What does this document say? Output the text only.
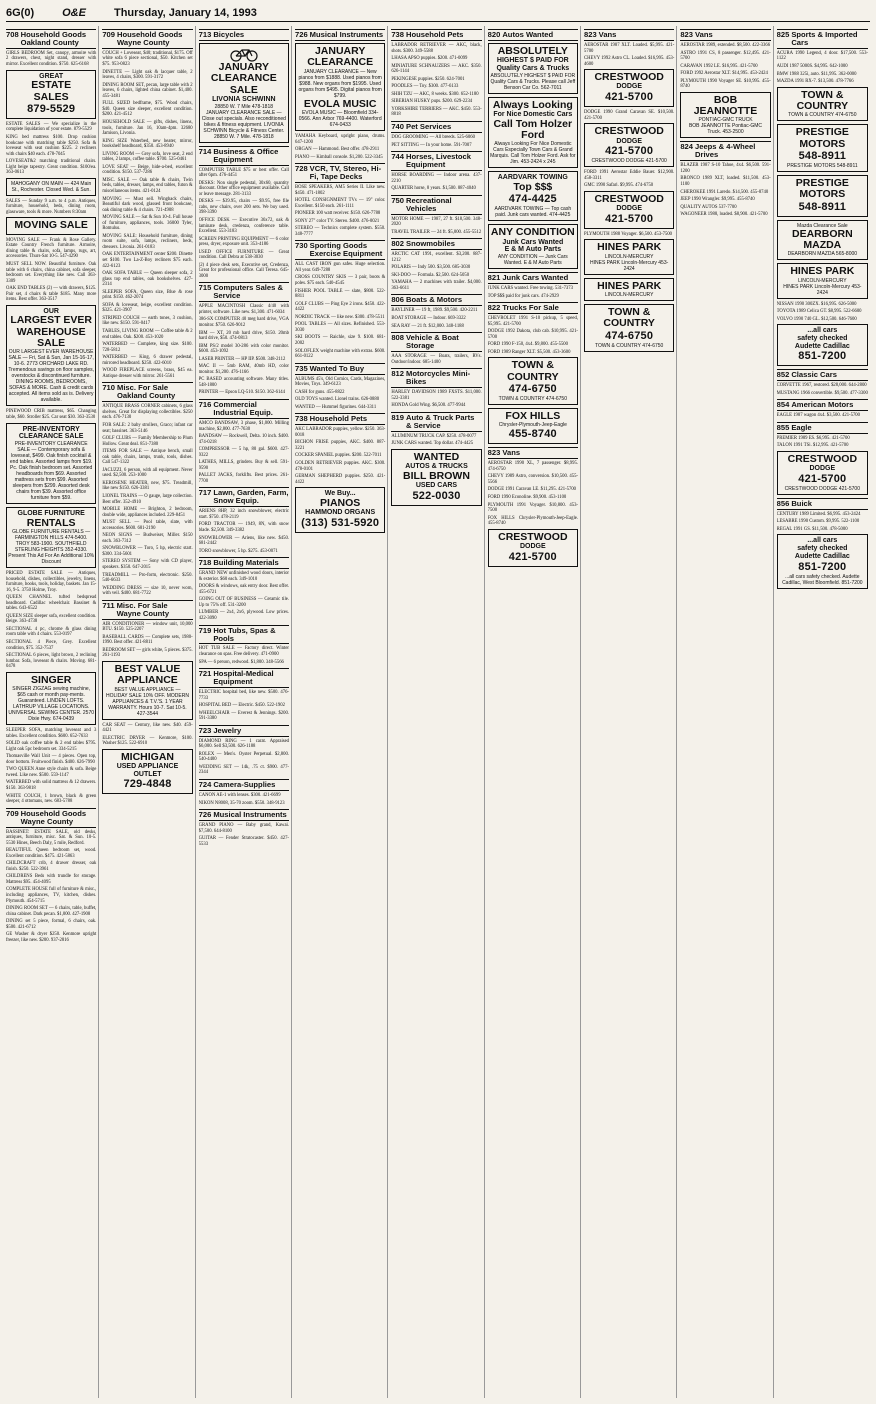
6G(0)	O&E	Thursday, January 14, 1993
708 Household Goods Oakland County
GIRLS BEDROOM Set, canopy, armoire with 2 drawers, chest, night stand, dresser with mirror. Excellent condition. $750. 625-6168
GREAT
ESTATE
SALES
879-5529
ESTATE SALES — We specialize in the complete liquidation of your estate. 879-5529
KING bed mattress $100. Drop cushion bookcase with matching table $250. Sofa & loveseat with seat cushion $225. 2 recliners with chairs $40 each. 478-7045
LOVESEAT&2 matching traditional chairs. Light beige tapestry. Great condition. $100/ea. 363-0613
MAHOGANY ON MAIN — 424 Main St., Rochester. Closed Wed. & Sun.
SALES — Sunday 9 a.m. to 4 p.m. Antiques, furniture, household, beds, dining room, glassware, tools & more. Numbers 8:30am
MOVING SALE
MOVING SALE — Frank & Rose Gallery. Estate Country French furniture. Armoire, dining table & chairs, sofa, lamps, rugs, art, accessories. Thurs-Sat 10-5. 547-4290
MUST SELL NOW. Beautiful furniture. Oak table with 6 chairs, china cabinet, sofa sleeper, bedroom set. Everything like new. Call 363-3309
OAK END TABLES (2) — with drawers, $125. Pair set, 4 chairs & table $185. Many more items. Best offer. 363-3517
OUR
LARGEST EVER
WAREHOUSE
SALE
OUR LARGEST EVER WAREHOUSE SALE — Fri, Sat & Sun, Jan 15-16-17, 10-6. 2773 ORCHARD LAKE RD. Tremendous savings on floor samples, overstocks & discontinued furniture. DINING ROOMS, BEDROOMS, SOFAS & MORE. Cash & credit cards accepted. All items sold as is. Delivery available.
PINEWOOD CRIB mattress, $65. Changing table, $60. Stroller $25. Car seat $30. 363-3530
PRE-INVENTORY CLEARANCE SALE
PRE-INVENTORY CLEARANCE SALE — Contemporary sofa & loveseat, $499. Oak finish cocktail & end tables. Assorted lamps from $19. Pc. Oak finish bedroom set. Assorted headboards from $69. Assorted mattress sets from $99. Assorted sleepers from $299. Assorted desk chairs from $39. Assorted office furniture from $59.
GLOBE FURNITURE
RENTALS
GLOBE FURNITURE RENTALS — FARMINGTON HILLS 474-5400. TROY 583-1900. SOUTHFIELD STERLING HEIGHTS 352-4330. Present This Ad For An Additional 10% Discount
PRICED ESTATE SALE — Antiques, household, dishes, collectibles, jewelry, linens, furniture, books, tools, holiday, baskets. Jan 15-16, 9-5. 3750 Holme, Troy.
QUEEN CHANNEL tufted bedspread headboard. Cadillac wheelchair. Bassinet & tables. 643-6522
QUEEN SIZE sleeper sofa, excellent condition. Beige. 363-4738
SECTIONAL 4 pc, chrome & glass dining room table with 4 chairs. 553-0197
SECTIONAL 4 Piece, Grey. Excellent condition, $75. 352-7537
SECTIONAL 6 pieces, light brown, 2 reclining lumbar. Sofa, loveseat & chairs. Moving. 681-0478
SINGER
SINGER ZIGZAG sewing machine, $65 cash or month pay-ments. Guaranteed. LINDEN LOFTS. LATHRUP VILLAGE LOCATIONS. UNIVERSAL SEWING CENTER. 2570 Dixie Hwy. 674-0439
SLEEPER SOFA, matching loveseat and 3 tables. Excellent condition. $600. 652-7633
SOLID oak coffee table & 2 end tables $795. Light oak 5pc bedroom set. 334-5215
Thomasville Wall Unit — 4 pieces. Open top, door bottom. Fruitwood finish. $400. 626-7990
TWO QUEEN Anne style chairs & sofa. Beige tweed. Like new. $500. 559-1147
WATERBED with solid mattress & 12 drawers. $150. 363-9818
WHITE COUCH, 1 brown, black & green sleeper, 4 ottomans, new. 683-5788
709 Household Goods Wayne County
BASSINET: ESTATE SALE, old desks, antiques, furniture, misc. Sat. & Sun. 10-5. 5530 Hines, Beech Daly, 5 mile, Redford.
BEAUTIFUL Queen bedroom set, wood. Excellent condition. $475. 421-5863
CHILDCRAFT crib, 4 drawer dresser, oak finish. $250. 522-3961
CHILDRENS Beds with trundle for storage. Mattress $95. 454-4095
COMPLETE HOUSE full of furniture & misc., including appliances, TV, kitchen, dishes. Plymouth. 454-5715
DINING ROOM SET — 6 chairs, table, buffet, china cabinet. Dark pecan. $1,000. 427-1908
DINING set 5 piece, formal, 6 chairs, oak. $500. 421-6712
GE Washer & dryer $250. Kenmore upright freezer, like new. $200. 937-2816
709 Household Goods Wayne County
COUCH + Loveseat, $40; traditional, $175. Off white sofa 6 piece sectional, $50. Kitchen set $75. 953-0823
DINETTE — Light oak & lacquer table, 2 leaves, 4 chairs, $300. 591-3172
DINING ROOM SET, pecan, large table with 2 leaves, 6 chairs, lighted china cabinet. $1,400. 455-3481
FULL SIZED bedframe, $75. Wood chairs, $40. Queen size sleeper, excellent condition. $200. 421-4512
HOUSEHOLD SALE — gifts, dishes, linens, tools, furniture. Jan 16, 10am-4pm. 32680 Jamison, Livonia.
KING SIZE Waterbed, new heater, mirror, bookshelf headboard, $350. 453-8940
LIVING ROOM — Grey sofa, love seat, 2 end tables, 2 lamps, coffee table. $700. 525-0461
LOVE SEAT — Beige, hide-a-bed, excellent condition. $150. 537-7286
MISC. SALE — Oak table & chairs, Twin beds, tables, dresser, lamps, end tables, futon & miscellaneous items. 421-0124
MOVING — Must sell. Wingback chairs, Beautiful dark wood, glassed front bookcase, oak dining table & 4 chairs. 721-4908
MOVING SALE — Sat & Sun 10-4. Full house of furniture, appliances, tools. 36000 Tyler, Romulus.
MOVING SALE: Household furniture, dining room suite, sofa, lamps, recliners, beds, dressers. Livonia. 261-0183
OAK ENTERTAINMENT center $200. Dinette set $100. Two La-Z-Boy recliners $75 each. 422-6123
OAK SOFA TABLE — Queen sleeper sofa, 2 glass top end tables, oak bookshelves. 427-2314
SLEEPER SOFA, Queen size, Blue & rose print. $150. 462-2074
SOFA & loveseat, beige, excellent condition. $325. 421-3907
STRIPED COUCH — earth tones, 3 cushion, like new. $150. 591-0417
TABLES, LIVING ROOM — Coffee table & 2 end tables. Oak. $200. 453-1020
WATERBED — Complete, king size. $100. 728-5812
WATERBED — King, 6 drawer pedestal, mirrored headboard. $250. 422-6010
WOOD FIREPLACE screens, brass, $45 ea. Antique dresser with mirror. 261-5561
710 Misc. For Sale Oakland County
ANTIQUE BRASS CORNER cabinets, 6 glass shelves. Great for displaying collectibles. $250 each. 476-7130
FOR SALE: 2 baby strollers, Graco; infant car seat; bassinet. 363-5146
GOLF CLUBS — Family Membership to Plum Hollow. Great deal. 851-7380
ITEMS FOR SALE — Antique bench, small oak table, chairs, lamps, trunk, tools, dishes. Call 547-1322
JACUZZI, 6 person, with all equipment. Never used. $2,500. 253-1000
KEROSENE HEATER, new, $75. Treadmill, like new $150. 626-3381
LIONEL TRAINS — O gauge, large collection. Best offer. 352-4910
MOBILE HOME — Brighton, 2 bedroom, double wide, appliances included. 229-8451
MUST SELL — Pool table, slate, with accessories. $600. 681-2190
NEON SIGNS — Budweiser, Miller. $150 each. 363-7312
SNOWBLOWER — Toro, 5 hp, electric start. $300. 334-5601
STEREO SYSTEM — Sony with CD player, speakers. $350. 647-2015
TREADMILL — Pro-form, electronic. $250. 540-6633
WEDDING DRESS — size 10, never worn, with veil. $400. 681-7722
711 Misc. For Sale Wayne County
AIR CONDITIONER — window unit, 10,000 BTU. $150. 525-2207
BASEBALL CARDS — Complete sets, 1980-1990. Best offer. 421-8811
BEDROOM SET — girls white, 5 pieces. $375. 261-1193
BEST VALUE
APPLIANCE
BEST VALUE APPLIANCE — HOLIDAY SALE 10% OFF. MODERN APPLIANCES & T.V.'S. 1 YEAR WARRANTY. Hours 10-7. Sat 10-5. 427-3544
CAR SEAT — Century, like new. $40. 459-4421
ELECTRIC DRYER — Kenmore, $100. Washer $125. 522-6910
MICHIGAN
USED APPLIANCE
OUTLET
729-4848
713 Bicycles
JANUARY
CLEARANCE
SALE
LIVONIA SCHWINN
28850 W. 7 Mile 478-1818
JANUARY CLEARANCE SALE — Close out specials. Also reconditioned bikes & fitness equipment. LIVONIA SCHWINN Bicycle & Fitness Center. 28850 W. 7 Mile. 478-1818
714 Business & Office Equipment
COMPUTER TABLE $75 or best offer. Call after 6pm. 476-4451
DESKS: Non single pedestal, 30x60, quantity discount. Other office equipment available. Call or leave message. 281-3133
DESKS — $39.95, chairs — $9.95, free file cabs, new chairs, over 200 sets. We buy used. 398-3390
OFFICE DESK — Executive 36x72, oak & laminate desk, credenza, conference table. Excellent. 553-3183
SCREEN PRINTING EQUIPMENT — 6 color press, dryer, exposure unit. 353-4186
USED OFFICE FURNITURE — Great condition. Call Debra at 538-3030
(2) 4 piece desk sets, Executive set, Credenza, Great for professional office. Call Teresa. 645-3000
715 Computers Sales & Service
APPLE MACINTOSH Classic 4/40 with printer, software. Like new. $1,300. 471-6034
386-SX COMPUTER 40 meg hard drive, VGA monitor. $750. 626-9012
IBM — XT, 20 mb hard drive, $150. 20mb hard drive, $50. 474-0813
IBM PS/2 model 30-286 with color monitor. $600. 453-1092
LASER PRINTER — HP IIP. $500. 348-2112
MAC II — 5mb RAM, 40mb HD, color monitor. $1,200. 476-1166
PC BASED accounting software. Many titles. 548-1800
PRINTER — Epson LQ-510. $150. 362-6144
716 Commercial Industrial Equip.
AMCO BANDSAW, 3 phase, $1,000. Milling machine, $2,800. 477-7630
BANDSAW — Rockwell, Delta. 10 inch. $400. 474-0218
COMPRESSOR — 5 hp, 80 gal. $600. 427-9322
LATHES, MILLS, grinders. Buy & sell. 591-9590
PALLET JACKS, forklifts. Best prices. 261-7700
717 Lawn, Garden, Farm, Snow Equip.
ARIENS 8HP, 32 inch snowblower, electric start. $750. 478-2119
FORD TRACTOR — 1949, 8N, with snow blade. $2,500. 349-3382
SNOWBLOWER — Ariens, like new. $450. 681-2442
TORO snowblower, 5 hp. $275. 453-0071
718 Building Materials
GRAND NEW unfinished wood doors, interior & exterior. $60 each. 349-1010
DOORS & windows, oak entry door. Best offer. 455-6721
GOING OUT OF BUSINESS — Ceramic tile. Up to 75% off. 531-3200
LUMBER — 2x4, 2x6, plywood. Low prices. 422-3090
719 Hot Tubs, Spas & Pools
HOT TUB SALE — Factory direct. Winter clearance on spas. Free delivery. 471-0900
SPA — 6 person, redwood. $1,800. 348-5566
721 Hospital-Medical Equipment
ELECTRIC hospital bed, like new. $500. 476-7733
HOSPITAL BED — Electric. $450. 522-1902
WHEELCHAIR — Everest & Jennings. $200. 591-3380
723 Jewelry
DIAMOND RING — 1 carat. Appraised $6,000. Sell $3,500. 626-1188
ROLEX — Men's. Oyster Perpetual. $2,800. 540-4400
WEDDING SET — 14k, .75 ct. $900. 477-2344
724 Camera-Supplies
CANON AE-1 with lenses. $300. 421-6699
NIKON N8008, 35-70 zoom. $550. 348-9123
726 Musical Instruments
GRAND PIANO — Baby grand, Kawai. $7,500. 644-8100
GUITAR — Fender Stratocaster. $450. 427-5533
726 Musical Instruments
JANUARY
CLEARANCE
JANUARY CLEARANCE — New pianos from $1888. Used pianos from $988. New organs from $1995. Used organs from $495. Digital pianos from $799.
EVOLA MUSIC
EVOLA MUSIC — Bloomfield 334-0566. Ann Arbor 769-4400. Waterford 674-0433
YAMAHA Keyboard, upright piano, drums. 647-1200
ORGAN — Hammond. Best offer. 478-2911
PIANO — Kimball console. $1,200. 522-3345
728 VCR, TV, Stereo, Hi-Fi, Tape Decks
BOSE SPEAKERS, AM5 Series II. Like new. $450. 471-1802
HOTEL CONSIGNMENT TVs — 19" color. Excellent. $150 each. 261-1111
PIONEER 100 watt receiver. $150. 626-7788
SONY 27" color TV. Stereo. $400. 476-0021
STEREO — Technics complete system. $550. 348-7777
730 Sporting Goods Exercise Equipment
ALL CAST IRON gun safes. Huge selection. All year. 649-7288
CROSS COUNTRY SKIS — 3 pair, boots & poles. $75 each. 540-4545
FISHER POOL TABLE — slate, $800. 522-8811
GOLF CLUBS — Ping Eye 2 irons. $450. 422-4422
NORDIC TRACK — like new. $300. 478-5511
POOL TABLES — All sizes. Refinished. 553-3030
SKI BOOTS — Raichle, size 9. $100. 681-2002
SOLOFLEX weight machine with extras. $600. 661-0122
735 Wanted To Buy
ALBUMS 45's, Old Comics, Cards, Magazines, Movies, Toys. 349-6123
CASH for guns. 455-8822
OLD TOYS wanted. Lionel trains. 626-0880
WANTED — Hummel figurines. 644-3311
738 Household Pets
AKC LABRADOR puppies, yellow. $250. 363-0018
BICHON FRISE puppies, AKC. $400. 887-3221
COCKER SPANIEL puppies. $200. 522-7011
GOLDEN RETRIEVER puppies. AKC. $300. 478-0101
GERMAN SHEPHERD puppies. $250. 421-4422
We Buy...
PIANOS
HAMMOND ORGANS
(313) 531-5920
738 Household Pets
LABRADOR RETRIEVER — AKC, black, shots. $300. 349-5588
LHASA APSO puppies. $200. 471-0099
MINIATURE SCHNAUZERS — AKC. $350. 626-1144
PEKINGESE puppies. $250. 624-7001
POODLES — Toy. $300. 477-6133
SHIH TZU — AKC, 8 weeks. $300. 652-1180
SIBERIAN HUSKY pups. $200. 629-2234
YORKSHIRE TERRIERS — AKC. $450. 553-8818
740 Pet Services
DOG GROOMING — All breeds. 525-6060
PET SITTING — In your home. 591-7007
744 Horses, Livestock Equipment
HORSE BOARDING — Indoor arena. 437-2210
QUARTER horse, 8 years. $1,500. 887-4040
750 Recreational Vehicles
MOTOR HOME — 1987, 27 ft. $18,500. 348-2020
TRAVEL TRAILER — 24 ft. $5,000. 455-5512
802 Snowmobiles
ARCTIC CAT 1991, excellent. $3,200. 887-1212
POLARIS — Indy 500. $3,500. 685-3030
SKI-DOO — Formula. $2,500. 624-5050
YAMAHA — 2 machines with trailer. $4,000. 363-6611
806 Boats & Motors
BAYLINER — 19 ft, 1989. $9,500. 420-2211
BOAT STORAGE — Indoor. 669-3322
SEA RAY — 21 ft. $12,000. 348-1188
808 Vehicle & Boat Storage
AAA STORAGE — Boats, trailers, RVs. Outdoor/indoor. 685-1400
812 Motorcycles Mini-Bikes
HARLEY DAVIDSON 1989 FXSTS. $11,000. 522-3381
HONDA Gold Wing. $6,500. 477-9944
819 Auto & Truck Parts & Service
ALUMINUM TRUCK CAP. $250. 478-0077
JUNK CARS wanted. Top dollar. 474-4425
WANTED
AUTOS & TRUCKS
BILL BROWN
USED CARS
522-0030
820 Autos Wanted
ABSOLUTELY
HIGHEST $ PAID FOR
Quality Cars & Trucks
ABSOLUTELY HIGHEST $ PAID FOR Quality Cars & Trucks. Please call Jeff Benson Car Co. 562-7011
Always Looking
For Nice Domestic Cars
Call Tom Holzer Ford
Always Looking For Nice Domestic Cars Especially Town Cars & Grand Marquis. Call Tom Holzer Ford. Ask for Jim. 453-2424 x 245
AARDVARK TOWING
Top $$$
474-4425
AARDVARK TOWING — Top cash paid. Junk cars wanted. 474-4425
ANY CONDITION
Junk Cars Wanted
E & M Auto Parts
ANY CONDITION — Junk Cars Wanted. E & M Auto Parts
821 Junk Cars Wanted
JUNK CARS wanted. Free towing. 531-7373
TOP $$$ paid for junk cars. 474-2929
822 Trucks For Sale
CHEVROLET 1991 S-10 pickup, 5 speed, $5,995. 421-5700
DODGE 1992 Dakota, club cab. $10,995. 421-5700
FORD 1990 F-150, 4x4. $9,800. 455-5500
FORD 1989 Ranger XLT. $5,500. 453-3600
TOWN & COUNTRY
474-6750
TOWN & COUNTRY 474-6750
FOX HILLS
Chrysler-Plymouth-Jeep-Eagle
455-8740
823 Vans
AEROSTAR 1990 XL, 7 passenger. $8,995. 474-6750
CHEVY 1989 Astro, conversion. $10,500. 455-5566
DODGE 1991 Caravan LE. $11,295. 421-5700
FORD 1990 Econoline. $9,900. 453-1100
PLYMOUTH 1991 Voyager. $10,800. 453-7500
FOX HILLS Chrysler-Plymouth-Jeep-Eagle. 455-8740
CRESTWOOD
DODGE
421-5700
823 Vans
AEROSTAR 1987 XLT. Loaded. $5,995. 421-5700
CHEVY 1992 Astro CL. Loaded. $16,995. 453-4600
CRESTWOOD
DODGE
421-5700
DODGE 1990 Grand Caravan SE. $10,500. 421-5700
CRESTWOOD
DODGE
421-5700
CRESTWOOD DODGE 421-5700
FORD 1991 Aerostar Eddie Bauer. $12,900. 458-3311
GMC 1990 Safari. $9,995. 474-6750
CRESTWOOD
DODGE
421-5700
PLYMOUTH 1988 Voyager. $6,500. 453-7500
HINES PARK
LINCOLN-MERCURY
HINES PARK Lincoln-Mercury 453-2424
HINES PARK
LINCOLN-MERCURY
TOWN & COUNTRY
474-6750
TOWN & COUNTRY 474-6750
823 Vans
AEROSTAR 1989, extended. $8,500. 422-3366
ASTRO 1991 CS, 8 passenger. $12,495. 421-5700
CARAVAN 1992 LE. $16,995. 421-5700
FORD 1992 Aerostar XLT. $14,995. 453-2424
PLYMOUTH 1990 Voyager SE. $10,995. 455-8740
BOB JEANNOTTE
PONTIAC-GMC TRUCK
BOB JEANNOTTE Pontiac-GMC Truck. 453-2500
824 Jeeps & 4-Wheel Drives
BLAZER 1987 S-10 Tahoe, 4x4. $6,500. 591-1200
BRONCO 1989 XLT, loaded. $11,500. 453-1100
CHEROKEE 1991 Laredo. $14,500. 455-8740
JEEP 1990 Wrangler. $9,995. 455-8740
QUALITY AUTOS 537-7700
WAGONEER 1988, loaded. $8,900. 421-5700
825 Sports & Imported Cars
ACURA 1990 Legend, 4 door. $17,500. 553-1122
AUDI 1987 5000S. $4,995. 642-1000
BMW 1988 325i, auto. $11,995. 362-0000
MAZDA 1991 RX-7. $13,500. 478-7766
TOWN & COUNTRY
TOWN & COUNTRY 474-6750
PRESTIGE MOTORS
548-8911
PRESTIGE MOTORS 548-8911
PRESTIGE MOTORS
548-8911
Mazda Clearance Sale
DEARBORN MAZDA
DEARBORN MAZDA 565-8000
HINES PARK
LINCOLN-MERCURY
HINES PARK Lincoln-Mercury 453-2424
NISSAN 1990 300ZX. $16,995. 626-5000
TOYOTA 1989 Celica GT. $8,995. 522-6600
VOLVO 1990 740 GL. $12,500. 646-7600
...all cars
safety checked
Audette Cadillac
851-7200
852 Classic Cars
CORVETTE 1967, restored. $28,000. 644-2800
MUSTANG 1966 convertible. $9,500. 477-3300
854 American Motors
EAGLE 1987 wagon 4x4. $3,500. 421-5700
855 Eagle
PREMIER 1989 ES. $6,995. 421-5700
TALON 1991 TSi. $12,995. 421-5700
CRESTWOOD
DODGE
421-5700
CRESTWOOD DODGE 421-5700
856 Buick
CENTURY 1989 Limited. $6,995. 453-2424
LESABRE 1990 Custom. $9,995. 522-1100
REGAL 1991 GS. $11,500. 478-5000
...all cars
safety checked
Audette Cadillac
851-7200
...all cars safety checked. Audette Cadillac, West Bloomfield. 851-7200
